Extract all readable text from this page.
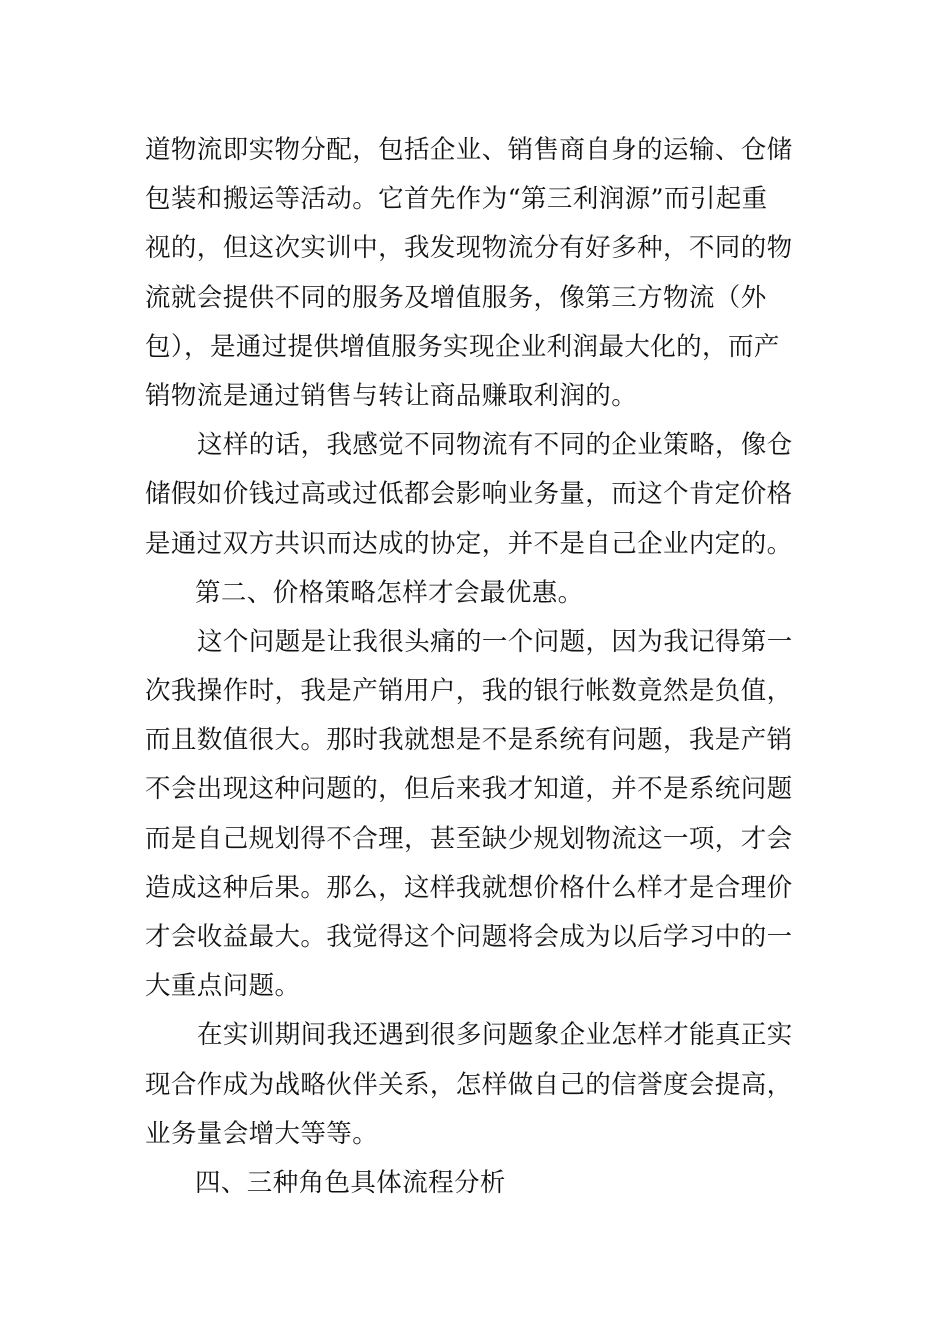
道物流即实物分配，包括企业、销售商自身的运输、仓储
包装和搬运等活动。它首先作为“第三利润源”而引起重
视的，但这次实训中，我发现物流分有好多种，不同的物
流就会提供不同的服务及增值服务，像第三方物流（外
包），是通过提供增值服务实现企业利润最大化的，而产
销物流是通过销售与转让商品赚取利润的。
这样的话，我感觉不同物流有不同的企业策略，像仓
储假如价钱过高或过低都会影响业务量，而这个肯定价格
是通过双方共识而达成的协定，并不是自己企业内定的。
第二、价格策略怎样才会最优惠。
这个问题是让我很头痛的一个问题，因为我记得第一
次我操作时，我是产销用户，我的银行帐数竟然是负值，
而且数值很大。那时我就想是不是系统有问题，我是产销
不会出现这种问题的，但后来我才知道，并不是系统问题
而是自己规划得不合理，甚至缺少规划物流这一项，才会
造成这种后果。那么，这样我就想价格什么样才是合理价
才会收益最大。我觉得这个问题将会成为以后学习中的一
大重点问题。
在实训期间我还遇到很多问题象企业怎样才能真正实
现合作成为战略伙伴关系，怎样做自己的信誉度会提高，
业务量会增大等等。
四、三种角色具体流程分析
